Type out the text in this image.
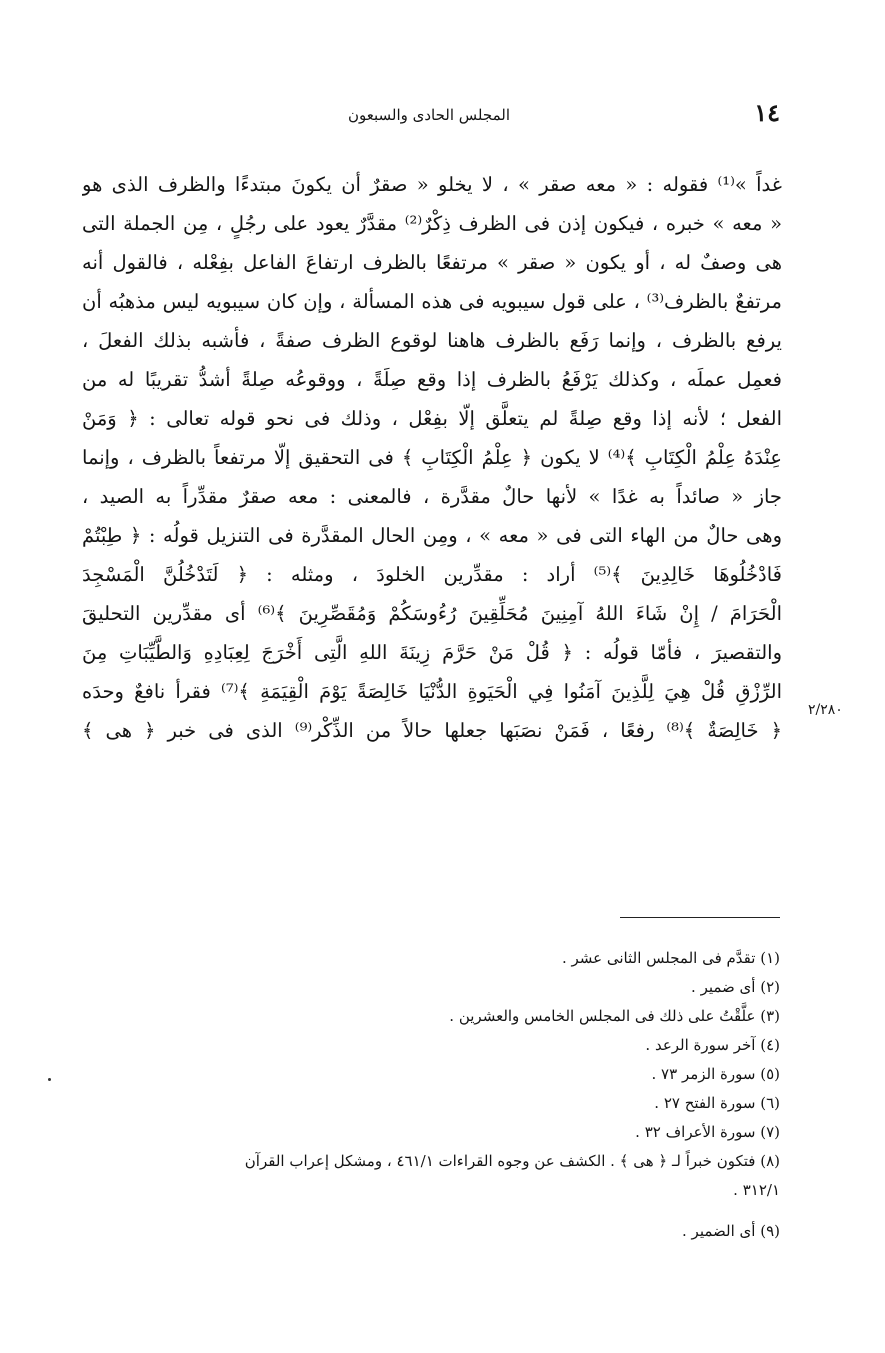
١٤
المجلس الحادى والسبعون
غداً »⁽¹⁾ فقوله : « معه صقر » ، لا يخلو « صقرٌ أن يكونَ مبتدءًا والظرف الذى هو
« معه » خبره ، فيكون إذن فى الظرف ذِكْرٌ⁽²⁾ مقدَّرٌ يعود على رجُلٍ ، مِن الجملة التى
هى وصفٌ له ، أو يكون « صقر » مرتفعًا بالظرف ارتفاعَ الفاعل بفِعْله ، فالقول أنه
مرتفعٌ بالظرف⁽³⁾ ، على قول سيبويه فى هذه المسألة ، وإن كان سيبويه ليس مذهبُه أن
يرفع بالظرف ، وإنما رَفَع بالظرف هاهنا لوقوع الظرف صفةً ، فأشبه بذلك الفعلَ ،
فعمِل عملَه ، وكذلك يَرْفَعُ بالظرف إذا وقع صِلَةً ، ووقوعُه صِلةً أشدُّ تقريبًا له من
الفعل ؛ لأنه إذا وقع صِلةً لم يتعلَّق إلّا بفِعْل ، وذلك فى نحو قوله تعالى : ﴿ وَمَنْ
عِنْدَهُ عِلْمُ الْكِتَابِ ﴾⁽⁴⁾ لا يكون ﴿ عِلْمُ الْكِتَابِ ﴾ فى التحقيق إلّا مرتفعاً بالظرف ، وإنما
جاز « صائداً به غدًا » لأنها حالٌ مقدَّرة ، فالمعنى : معه صقرٌ مقدِّراً به الصيد ،
وهى حالٌ من الهاء التى فى « معه » ، ومِن الحال المقدَّرة فى التنزيل قولُه : ﴿ طِبْتُمْ
فَادْخُلُوهَا خَالِدِينَ ﴾⁽⁵⁾ أراد : مقدِّرين الخلودَ ، ومثله : ﴿ لَتَدْخُلُنَّ الْمَسْجِدَ
الْحَرَامَ / إِنْ شَاءَ اللهُ آمِنِينَ مُحَلِّقِينَ رُءُوسَكُمْ وَمُقَصِّرِينَ ﴾⁽⁶⁾ أى مقدِّرين التحليقَ
والتقصيرَ ، فأمّا قولُه : ﴿ قُلْ مَنْ حَرَّمَ زِينَةَ اللهِ الَّتِى أَخْرَجَ لِعِبَادِهِ وَالطَّيِّبَاتِ مِنَ
الرِّزْقِ قُلْ هِيَ لِلَّذِينَ آمَنُوا فِي الْحَيَوةِ الدُّنْيَا خَالِصَةً يَوْمَ الْقِيَمَةِ ﴾⁽⁷⁾ فقرأ نافعٌ وحدَه
﴿ خَالِصَةٌ ﴾⁽⁸⁾ رفعًا ، فَمَنْ نصَبَها جعلها حالاً من الذِّكْر⁽⁹⁾ الذى فى خبر ﴿ هى ﴾
٢/٢٨٠
(١) تقدَّم فى المجلس الثانى عشر .
(٢) أى ضمير .
(٣) علَّقْتُ على ذلك فى المجلس الخامس والعشرين .
(٤) آخر سورة الرعد .
(٥) سورة الزمر ٧٣ .
(٦) سورة الفتح ٢٧ .
(٧) سورة الأعراف ٣٢ .
(٨) فتكون خبراً لـ ﴿ هى ﴾ . الكشف عن وجوه القراءات ٤٦١/١ ، ومشكل إعراب القرآن
٣١٢/١ .
(٩) أى الضمير .
